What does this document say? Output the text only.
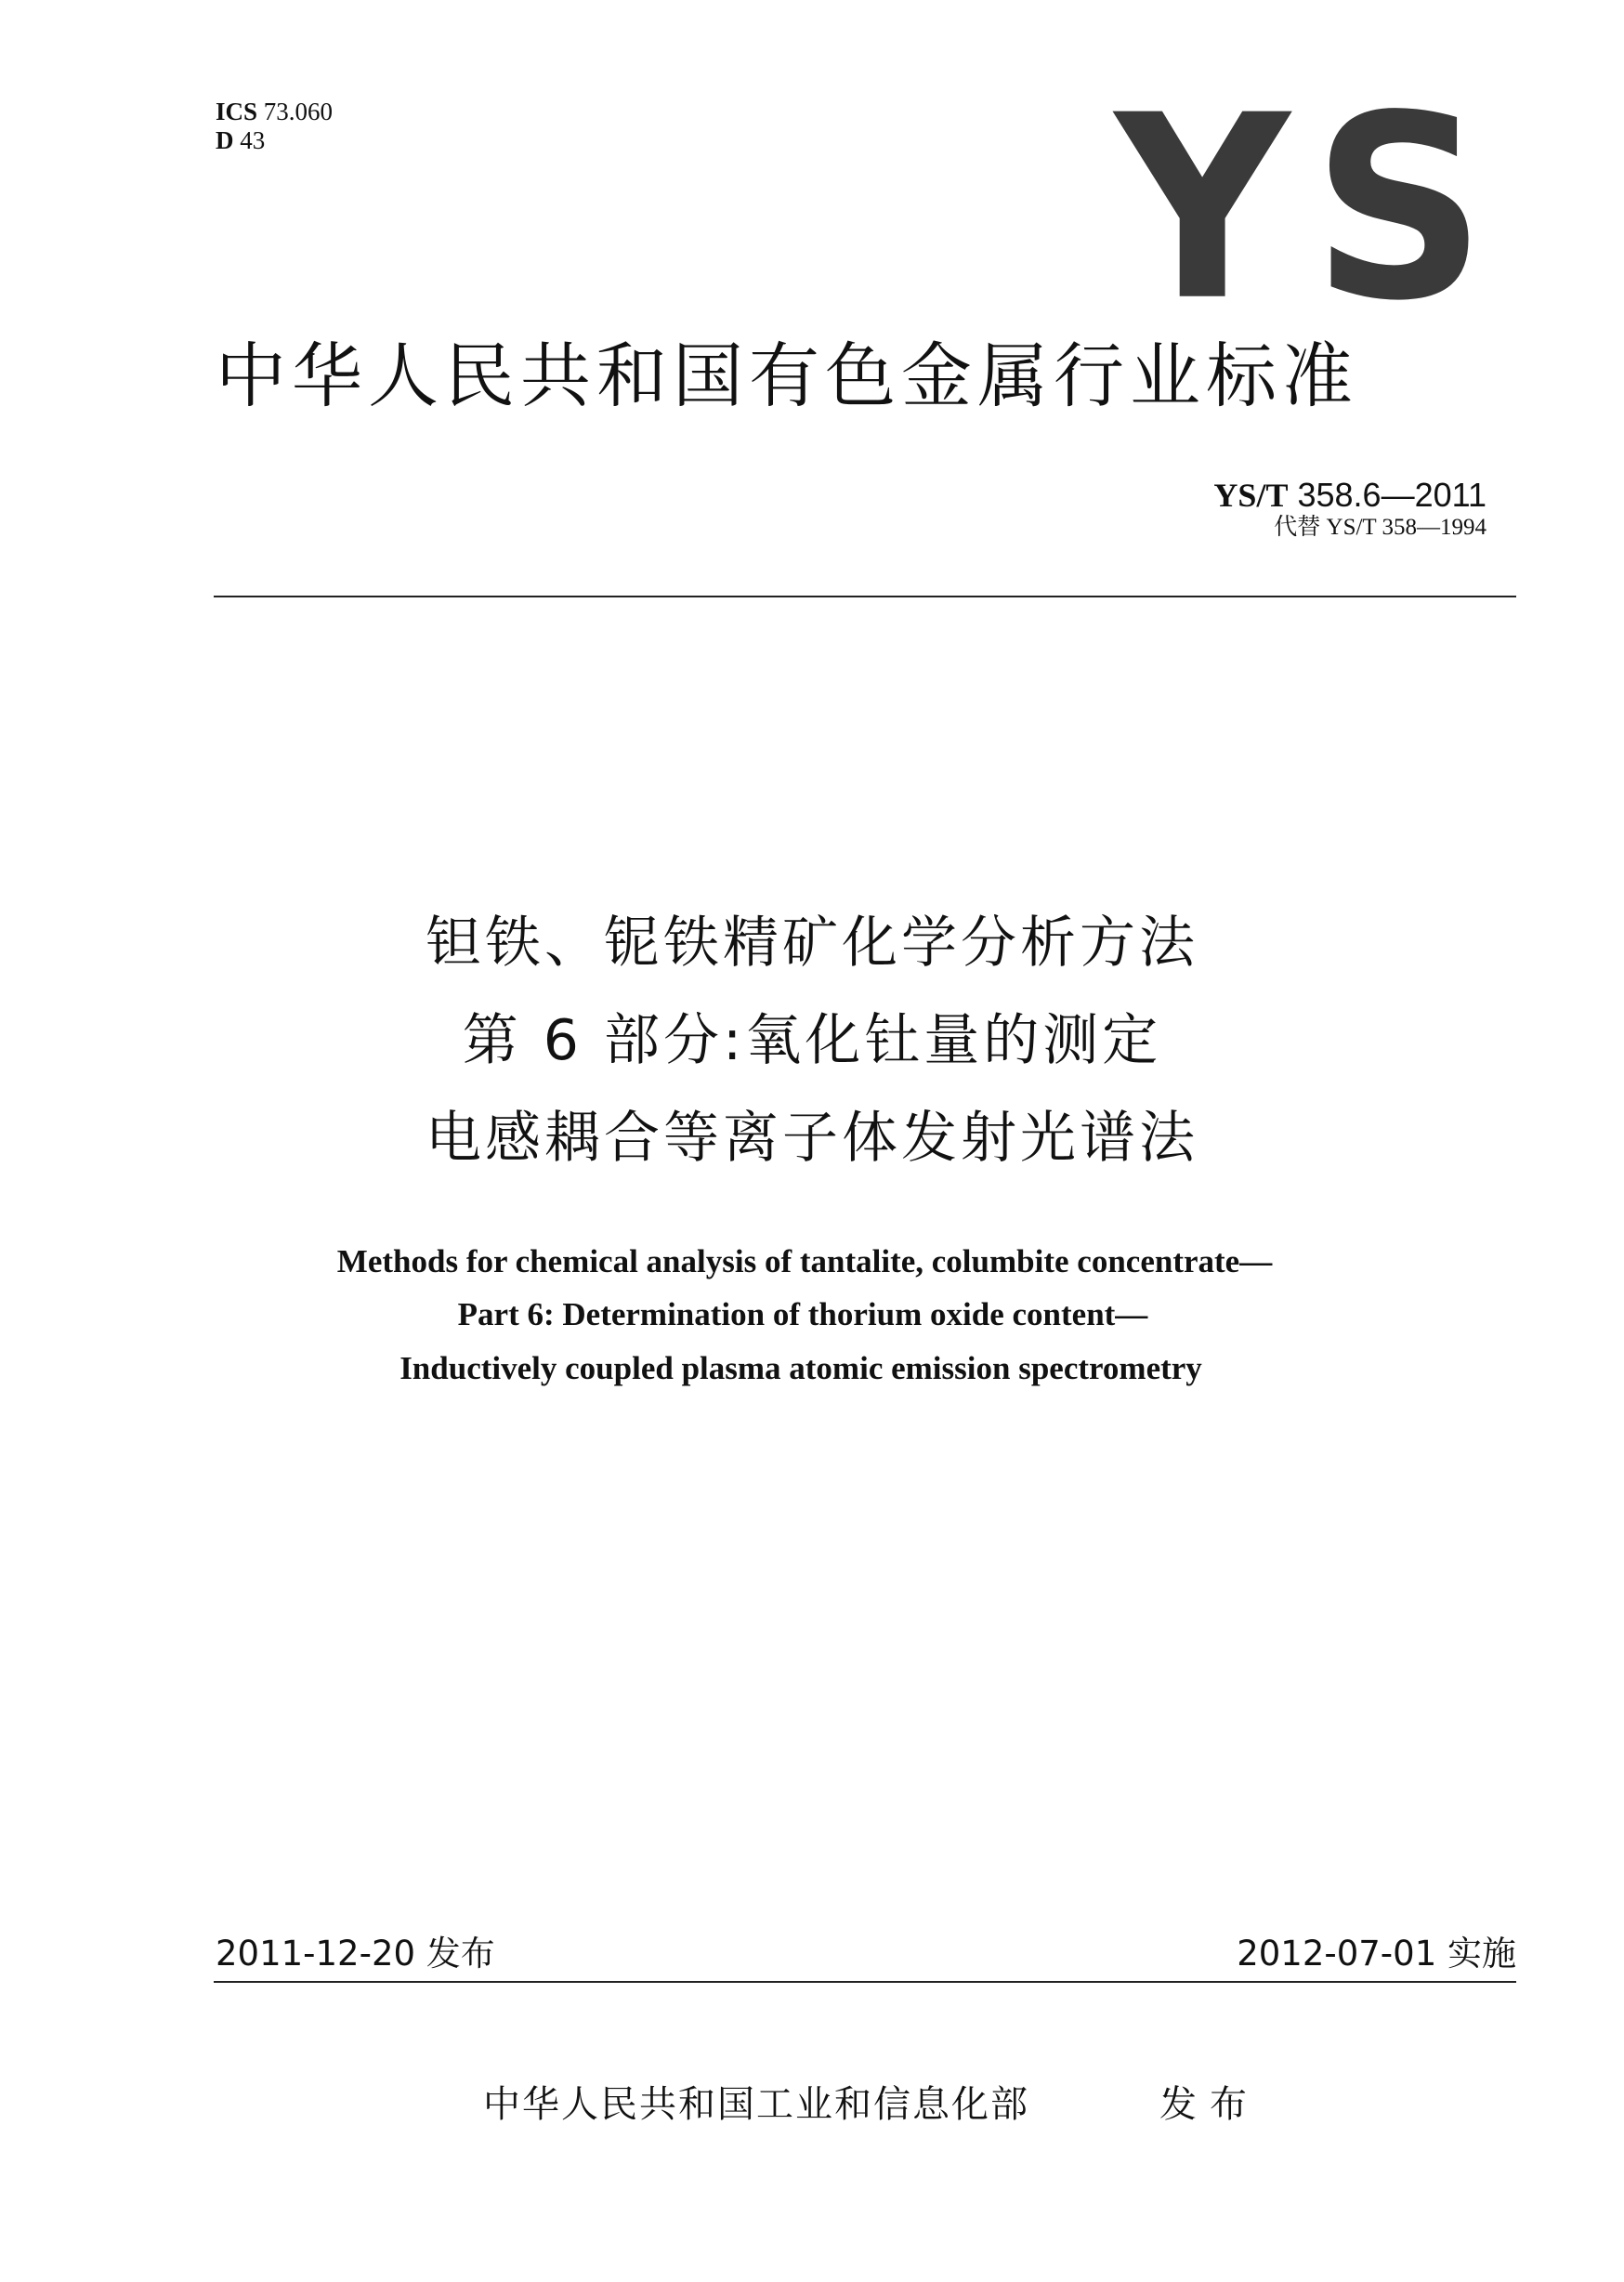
ICS 73.060
D 43	YS
中华人民共和国有色金属行业标准
YS/T 358.6—2011
代替 YS/T 358—1994
钽铁、铌铁精矿化学分析方法
第 6 部分:氧化钍量的测定
电感耦合等离子体发射光谱法
Methods for chemical analysis of tantalite, columbite concentrate—
Part 6: Determination of thorium oxide content—
Inductively coupled plasma atomic emission spectrometry
2011-12-20 发布	2012-07-01 实施
中华人民共和国工业和信息化部	发布
